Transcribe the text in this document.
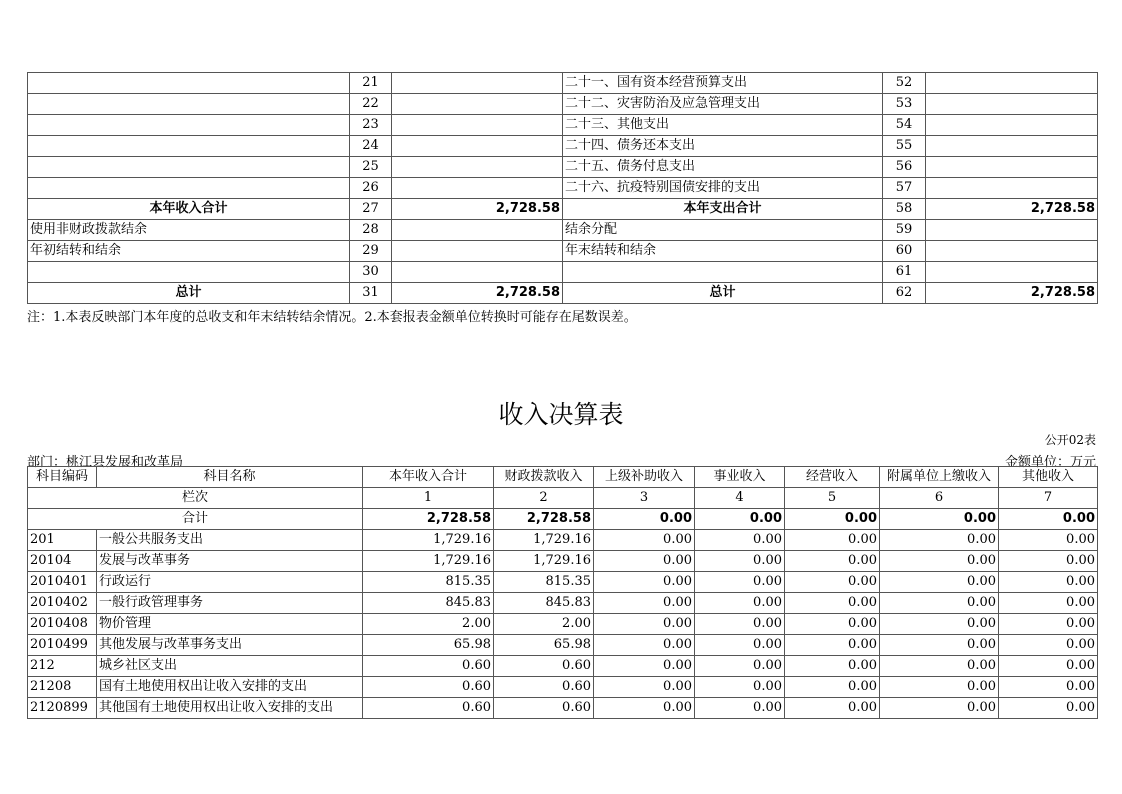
	21		二十一、国有资本经营预算支出	52	
	22		二十二、灾害防治及应急管理支出	53	
	23		二十三、其他支出	54	
	24		二十四、债务还本支出	55	
	25		二十五、债务付息支出	56	
	26		二十六、抗疫特别国债安排的支出	57	
本年收入合计	27	2,728.58	本年支出合计	58	2,728.58
使用非财政拨款结余	28		结余分配	59	
年初结转和结余	29		年末结转和结余	60	
	30			61	
总计	31	2,728.58	总计	62	2,728.58
注：1.本表反映部门本年度的总收支和年末结转结余情况。2.本套报表金额单位转换时可能存在尾数误差。
收入决算表
公开02表
部门：桃江县发展和改革局	金额单位：万元
科目编码	科目名称	本年收入合计	财政拨款收入	上级补助收入	事业收入	经营收入	附属单位上缴收入	其他收入
栏次		1	2	3	4	5	6	7
合计		2,728.58	2,728.58	0.00	0.00	0.00	0.00	0.00
201	一般公共服务支出	1,729.16	1,729.16	0.00	0.00	0.00	0.00	0.00
20104	发展与改革事务	1,729.16	1,729.16	0.00	0.00	0.00	0.00	0.00
2010401	行政运行	815.35	815.35	0.00	0.00	0.00	0.00	0.00
2010402	一般行政管理事务	845.83	845.83	0.00	0.00	0.00	0.00	0.00
2010408	物价管理	2.00	2.00	0.00	0.00	0.00	0.00	0.00
2010499	其他发展与改革事务支出	65.98	65.98	0.00	0.00	0.00	0.00	0.00
212	城乡社区支出	0.60	0.60	0.00	0.00	0.00	0.00	0.00
21208	国有土地使用权出让收入安排的支出	0.60	0.60	0.00	0.00	0.00	0.00	0.00
2120899	其他国有土地使用权出让收入安排的支出	0.60	0.60	0.00	0.00	0.00	0.00	0.00
